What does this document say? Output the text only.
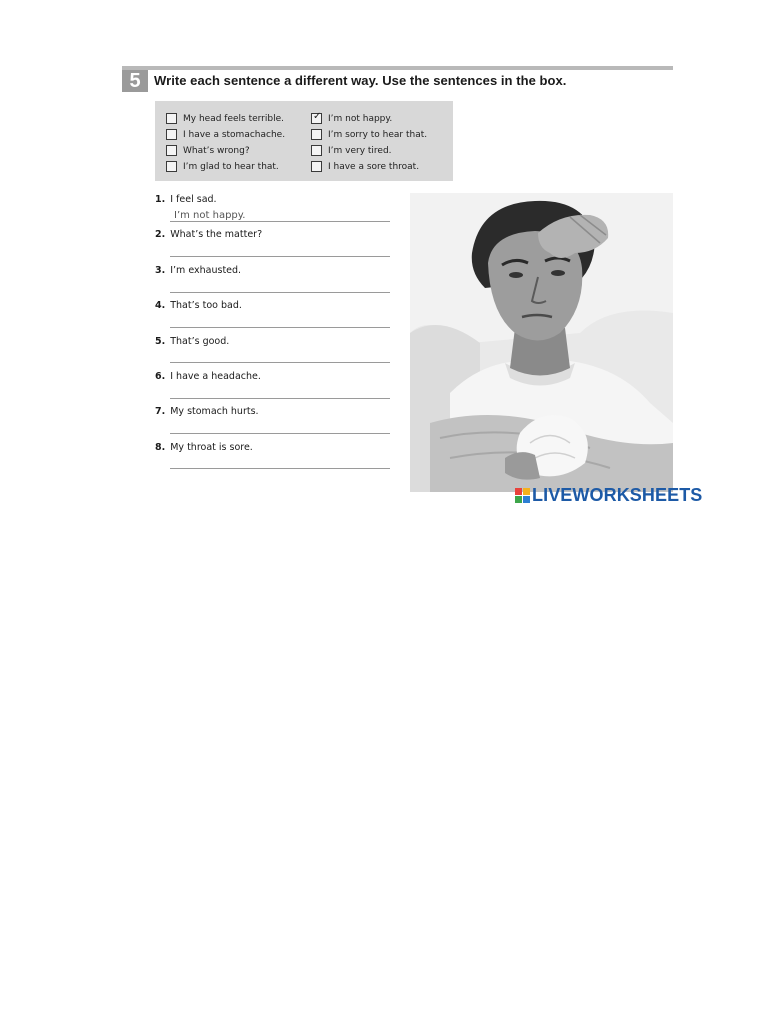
5	Write each sentence a different way. Use the sentences in the box.
My head feels terrible.
I have a stomachache.
What’s wrong?
I’m glad to hear that.
✓ I’m not happy.
I’m sorry to hear that.
I’m very tired.
I have a sore throat.
1. I feel sad.
I’m not happy.
2. What’s the matter?
3. I’m exhausted.
4. That’s too bad.
5. That’s good.
6. I have a headache.
7. My stomach hurts.
8. My throat is sore.
LIVEWORKSHEETS
